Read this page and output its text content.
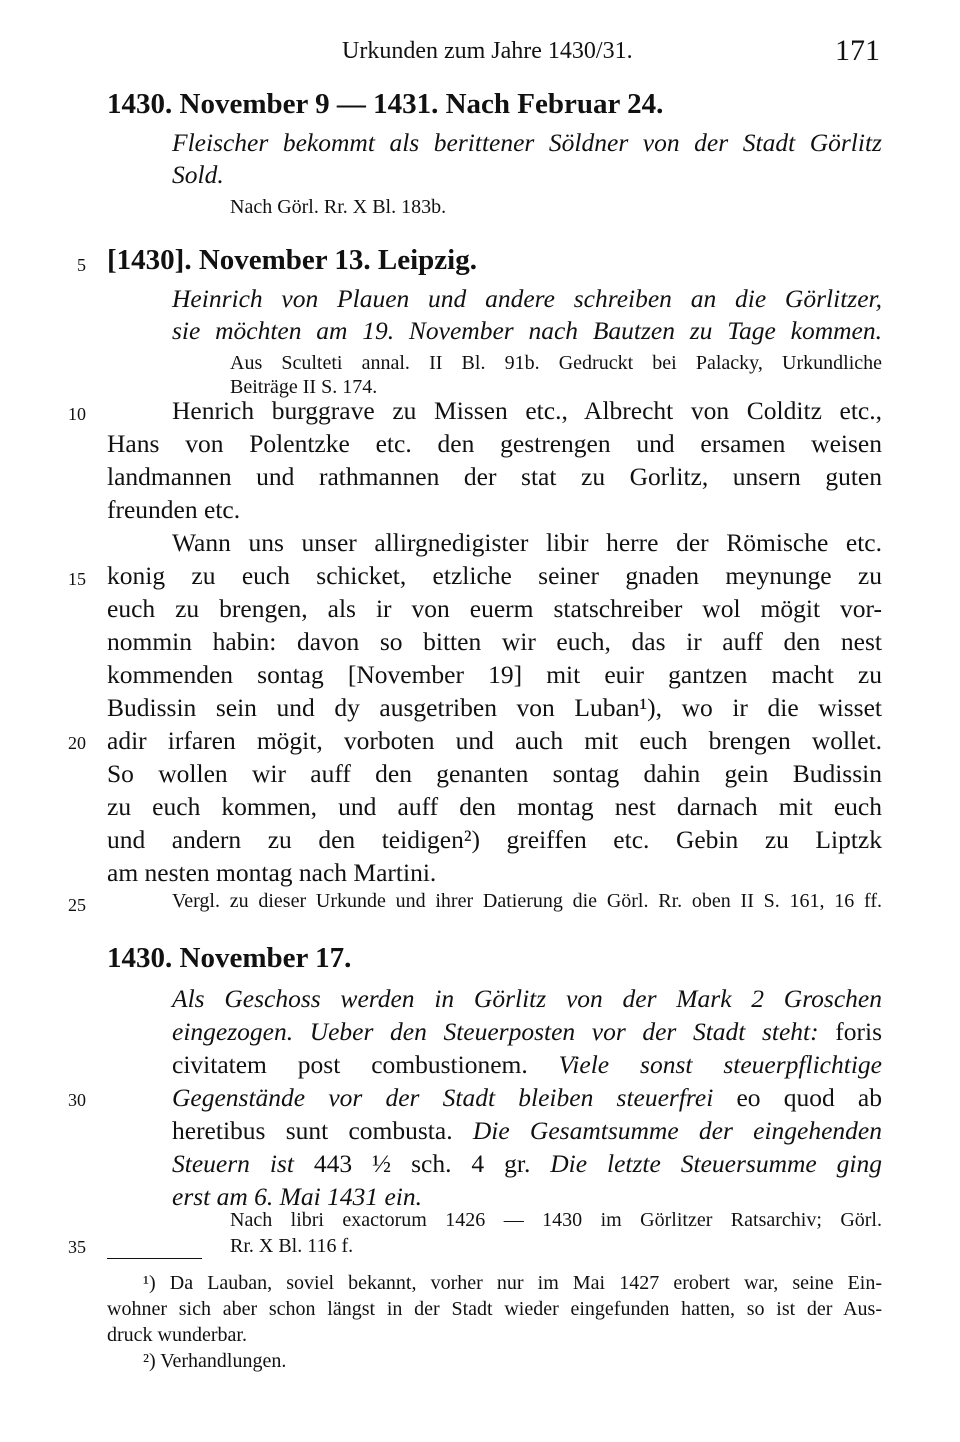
Urkunden zum Jahre 1430/31.	171
1430. November 9 — 1431. Nach Februar 24.
Fleischer bekommt als berittener Söldner von der Stadt Görlitz
Sold.
Nach Görl. Rr. X Bl. 183b.
[1430]. November 13. Leipzig.
Heinrich von Plauen und andere schreiben an die Görlitzer,
sie möchten am 19. November nach Bautzen zu Tage kommen.
Aus Sculteti annal. II Bl. 91b. Gedruckt bei Palacky, Urkundliche
Beiträge II S. 174.
Henrich burggrave zu Missen etc., Albrecht von Colditz etc.,
Hans von Polentzke etc. den gestrengen und ersamen weisen
landmannen und rathmannen der stat zu Gorlitz, unsern guten
freunden etc.
Wann uns unser allirgnedigister libir herre der Römische etc.
konig zu euch schicket, etzliche seiner gnaden meynunge zu
euch zu brengen, als ir von euerm statschreiber wol mögit vor-
nommin habin: davon so bitten wir euch, das ir auff den nest
kommenden sontag [November 19] mit euir gantzen macht zu
Budissin sein und dy ausgetriben von Luban¹), wo ir die wisset
adir irfaren mögit, vorboten und auch mit euch brengen wollet.
So wollen wir auff den genanten sontag dahin gein Budissin
zu euch kommen, und auff den montag nest darnach mit euch
und andern zu den teidigen²) greiffen etc. Gebin zu Liptzk
am nesten montag nach Martini.
Vergl. zu dieser Urkunde und ihrer Datierung die Görl. Rr. oben II S. 161, 16 ff.
1430. November 17.
Als Geschoss werden in Görlitz von der Mark 2 Groschen
eingezogen. Ueber den Steuerposten vor der Stadt steht: foris
civitatem post combustionem. Viele sonst steuerpflichtige
Gegenstände vor der Stadt bleiben steuerfrei eo quod ab
heretibus sunt combusta. Die Gesamtsumme der eingehenden
Steuern ist 443 ½ sch. 4 gr. Die letzte Steuersumme ging
erst am 6. Mai 1431 ein.
Nach libri exactorum 1426 — 1430 im Görlitzer Ratsarchiv; Görl.
Rr. X Bl. 116 f.
5
10
15
20
25
30
35
¹) Da Lauban, soviel bekannt, vorher nur im Mai 1427 erobert war, seine Ein-
wohner sich aber schon längst in der Stadt wieder eingefunden hatten, so ist der Aus-
druck wunderbar.
²) Verhandlungen.
